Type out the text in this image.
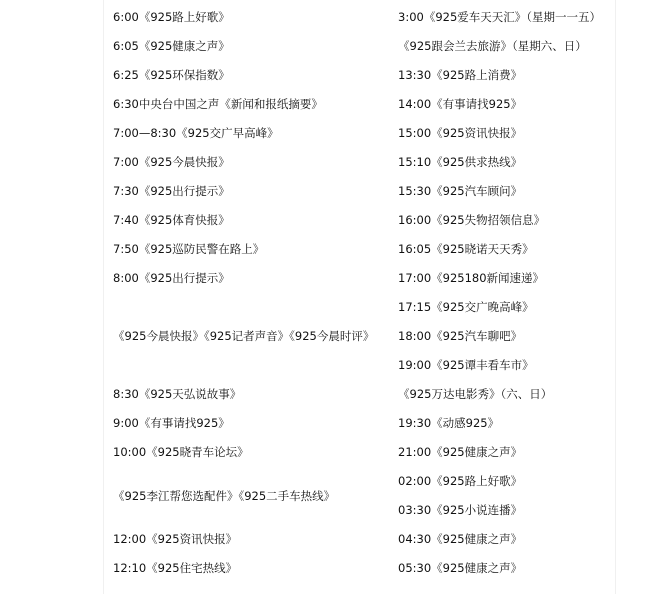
6:00《925路上好歌》
6:05《925健康之声》
6:25《925环保指数》
6:30中央台中国之声《新闻和报纸摘要》
7:00—8:30《925交广早高峰》
7:00《925今晨快报》
7:30《925出行提示》
7:40《925体育快报》
7:50《925巡防民警在路上》
8:00《925出行提示》
《925今晨快报》《925记者声音》《925今晨时评》
8:30《925天弘说故事》
9:00《有事请找925》
10:00《925晓青车论坛》
《925李江帮您选配件》《925二手车热线》
12:00《925资讯快报》
12:10《925住宅热线》
3:00《925爱车天天汇》（星期一一五）
《925跟会兰去旅游》（星期六、日）
13:30《925路上消费》
14:00《有事请找925》
15:00《925资讯快报》
15:10《925供求热线》
15:30《925汽车顾问》
16:00《925失物招领信息》
16:05《925晓诺天天秀》
17:00《925180新闻速递》
17:15《925交广晚高峰》
18:00《925汽车聊吧》
19:00《925谭丰看车市》
《925万达电影秀》（六、日）
19:30《动感925》
21:00《925健康之声》
02:00《925路上好歌》
03:30《925小说连播》
04:30《925健康之声》
05:30《925健康之声》
